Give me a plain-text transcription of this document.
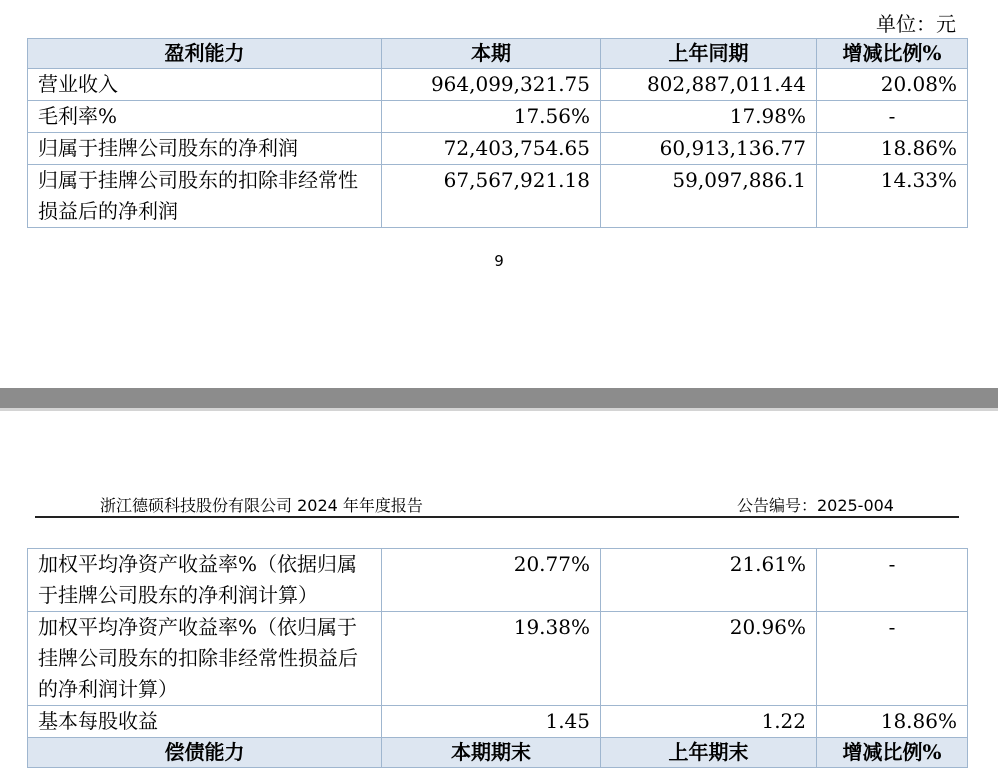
单位：元
盈利能力	本期	上年同期	增减比例%
营业收入	964,099,321.75	802,887,011.44	20.08%
毛利率%	17.56%	17.98%	-
归属于挂牌公司股东的净利润	72,403,754.65	60,913,136.77	18.86%
归属于挂牌公司股东的扣除非经常性损益后的净利润	67,567,921.18	59,097,886.1	14.33%
9
浙江德硕科技股份有限公司 2024 年年度报告	公告编号：2025-004
加权平均净资产收益率%（依据归属于挂牌公司股东的净利润计算）	20.77%	21.61%	-
加权平均净资产收益率%（依归属于挂牌公司股东的扣除非经常性损益后的净利润计算）	19.38%	20.96%	-
基本每股收益	1.45	1.22	18.86%
偿债能力	本期期末	上年期末	增减比例%
